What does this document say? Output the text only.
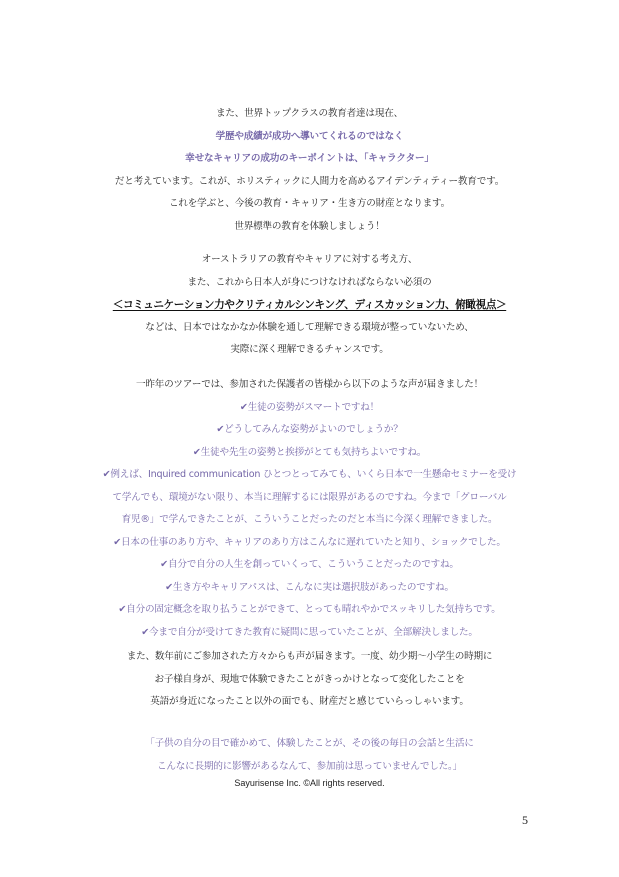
また、世界トップクラスの教育者達は現在、
学歴や成績が成功へ導いてくれるのではなく
幸せなキャリアの成功のキーポイントは、「キャラクター」
だと考えています。これが、ホリスティックに人間力を高めるアイデンティティー教育です。
これを学ぶと、今後の教育・キャリア・生き方の財産となります。
世界標準の教育を体験しましょう！
オーストラリアの教育やキャリアに対する考え方、
また、これから日本人が身につけなければならない必須の
＜コミュニケーション力やクリティカルシンキング、ディスカッション力、俯瞰視点＞
などは、日本ではなかなか体験を通して理解できる環境が整っていないため、
実際に深く理解できるチャンスです。
一昨年のツアーでは、参加された保護者の皆様から以下のような声が届きました！
✔生徒の姿勢がスマートですね！
✔どうしてみんな姿勢がよいのでしょうか？
✔生徒や先生の姿勢と挨拶がとても気持ちよいですね。
✔例えば、Inquired communication ひとつとってみても、いくら日本で一生懸命セミナーを受け
て学んでも、環境がない限り、本当に理解するには限界があるのですね。今まで「グローバル
育児®」で学んできたことが、こういうことだったのだと本当に今深く理解できました。
✔日本の仕事のあり方や、キャリアのあり方はこんなに遅れていたと知り、ショックでした。
✔自分で自分の人生を創っていくって、こういうことだったのですね。
✔生き方やキャリアパスは、こんなに実は選択肢があったのですね。
✔自分の固定概念を取り払うことができて、とっても晴れやかでスッキリした気持ちです。
✔今まで自分が受けてきた教育に疑問に思っていたことが、全部解決しました。
また、数年前にご参加された方々からも声が届きます。一度、幼少期〜小学生の時期に
お子様自身が、現地で体験できたことがきっかけとなって変化したことを
英語が身近になったこと以外の面でも、財産だと感じていらっしゃいます。
「子供の自分の目で確かめて、体験したことが、その後の毎日の会話と生活に
こんなに長期的に影響があるなんて、参加前は思っていませんでした。」
Sayurisense Inc. ©All rights reserved.
5
